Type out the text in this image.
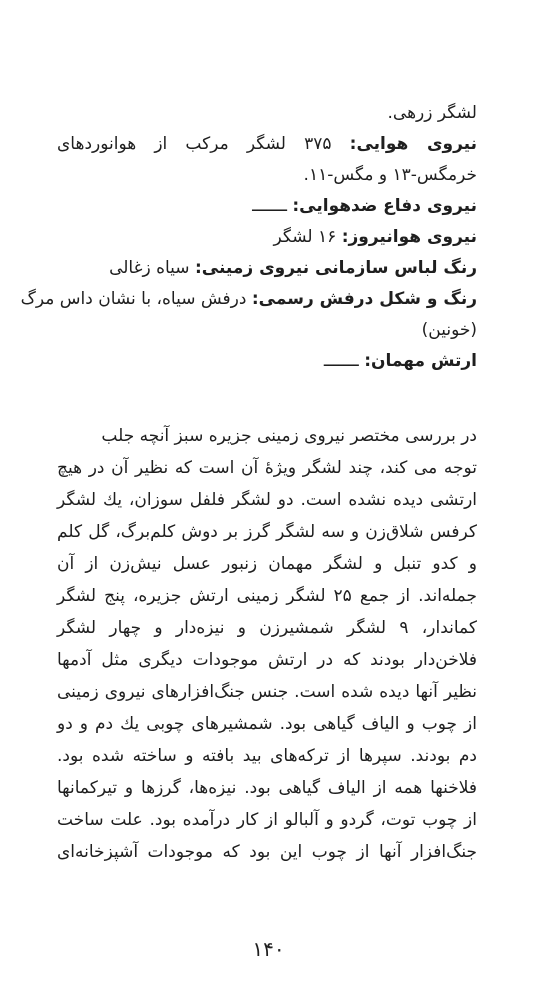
لشگر زرهی.
نیروی هوایی: ۳۷۵ لشگر مرکب از هوانوردهای
خرمگس-۱۳ و مگس-۱۱.
نیروی دفاع ضدهوایی: ـــــــ
نیروی هوانیروز: ۱۶ لشگر
رنگ لباس سازمانی نیروی زمینی: سیاه زغالی
رنگ و شکل درفش رسمی: درفش سیاه، با نشان داس مرگ
(خونین)
ارتش مهمان: ـــــــ
در بررسی مختصر نیروی زمینی جزیره سبز آنچه جلب
توجه می کند، چند لشگر ویژهٔ آن است که نظیر آن در هیچ
ارتشی دیده نشده است. دو لشگر فلفل سوزان، یك لشگر
کرفس شلاق‌زن و سه لشگر گرز بر دوش کلم‌برگ، گل کلم
و کدو تنبل و لشگر مهمان زنبور عسل نیش‌زن از آن
جمله‌اند. از جمع ۲۵ لشگر زمینی ارتش جزیره، پنج لشگر
کماندار، ۹ لشگر شمشیرزن و نیزه‌دار و چهار لشگر
فلاخن‌دار بودند که در ارتش موجودات دیگری مثل آدمها
نظیر آنها دیده شده است. جنس جنگ‌افزارهای نیروی زمینی
از چوب و الیاف گیاهی بود. شمشیرهای چوبی یك دم و دو
دم بودند. سپرها از ترکه‌های بید بافته و ساخته شده بود.
فلاخنها همه از الیاف گیاهی بود. نیزه‌ها، گرزها و تیرکمانها
از چوب توت، گردو و آلبالو از کار درآمده بود. علت ساخت
جنگ‌افزار آنها از چوب این بود که موجودات آشپزخانه‌ای
۱۴۰
